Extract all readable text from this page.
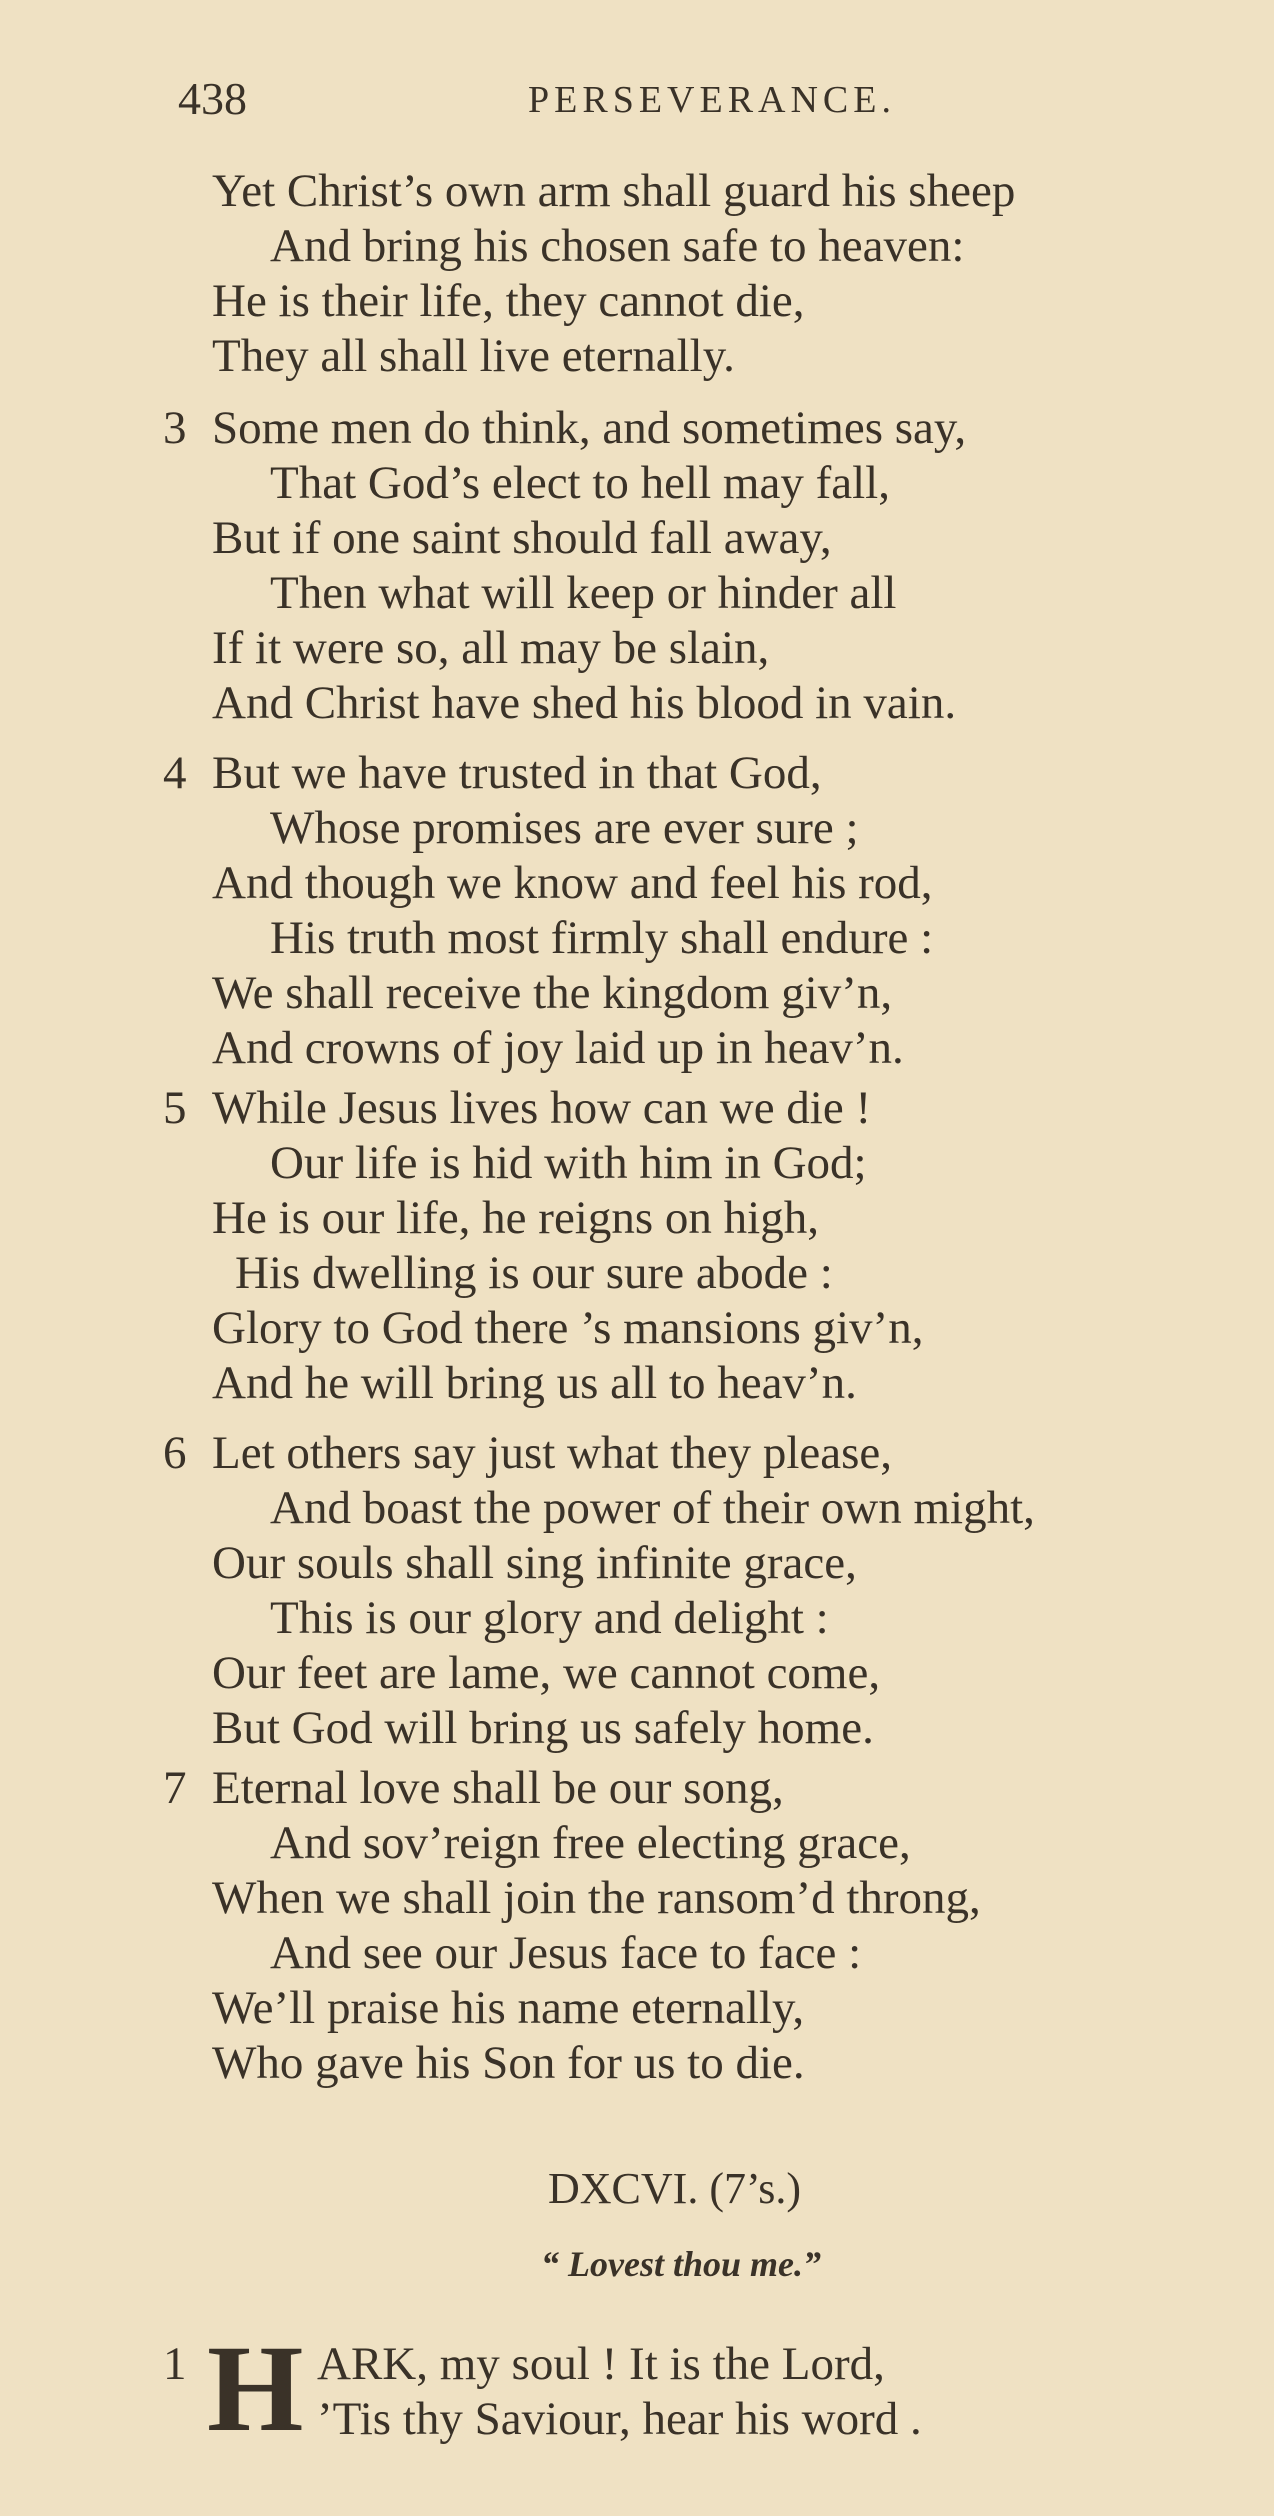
438	PERSEVERANCE.
Yet Christ’s own arm shall guard his sheep
And bring his chosen safe to heaven:
He is their life, they cannot die,
They all shall live eternally.
3 Some men do think, and sometimes say,
That God’s elect to hell may fall,
But if one saint should fall away,
Then what will keep or hinder all
If it were so, all may be slain,
And Christ have shed his blood in vain.
4 But we have trusted in that God,
Whose promises are ever sure ;
And though we know and feel his rod,
His truth most firmly shall endure :
We shall receive the kingdom giv’n,
And crowns of joy laid up in heav’n.
5 While Jesus lives how can we die !
Our life is hid with him in God;
He is our life, he reigns on high,
His dwelling is our sure abode :
Glory to God there ’s mansions giv’n,
And he will bring us all to heav’n.
6 Let others say just what they please,
And boast the power of their own might,
Our souls shall sing infinite grace,
This is our glory and delight :
Our feet are lame, we cannot come,
But God will bring us safely home.
7 Eternal love shall be our song,
And sov’reign free electing grace,
When we shall join the ransom’d throng,
And see our Jesus face to face :
We’ll praise his name eternally,
Who gave his Son for us to die.
DXCVI. (7’s.)
“ Lovest thou me.”
1 H ARK, my soul ! It is the Lord,
’Tis thy Saviour, hear his word .
